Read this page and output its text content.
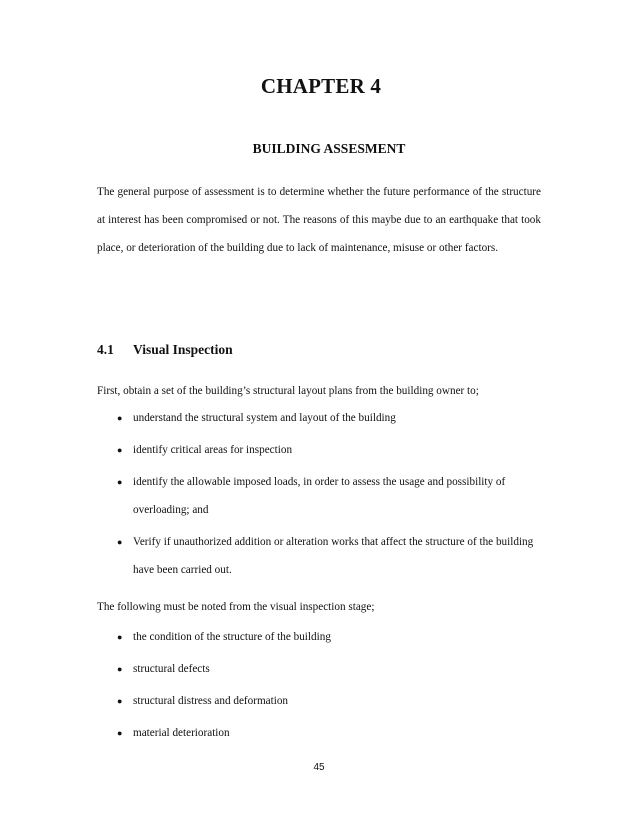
CHAPTER 4
BUILDING ASSESMENT

The general purpose of assessment is to determine whether the future performance of the structure at interest has been compromised or not. The reasons of this maybe due to an earthquake that took place, or deterioration of the building due to lack of maintenance, misuse or other factors.

4.1 Visual Inspection

First, obtain a set of the building’s structural layout plans from the building owner to;

● understand the structural system and layout of the building
● identify critical areas for inspection
● identify the allowable imposed loads, in order to assess the usage and possibility of overloading; and
● Verify if unauthorized addition or alteration works that affect the structure of the building have been carried out.

The following must be noted from the visual inspection stage;

● the condition of the structure of the building
● structural defects
● structural distress and deformation
● material deterioration
45
